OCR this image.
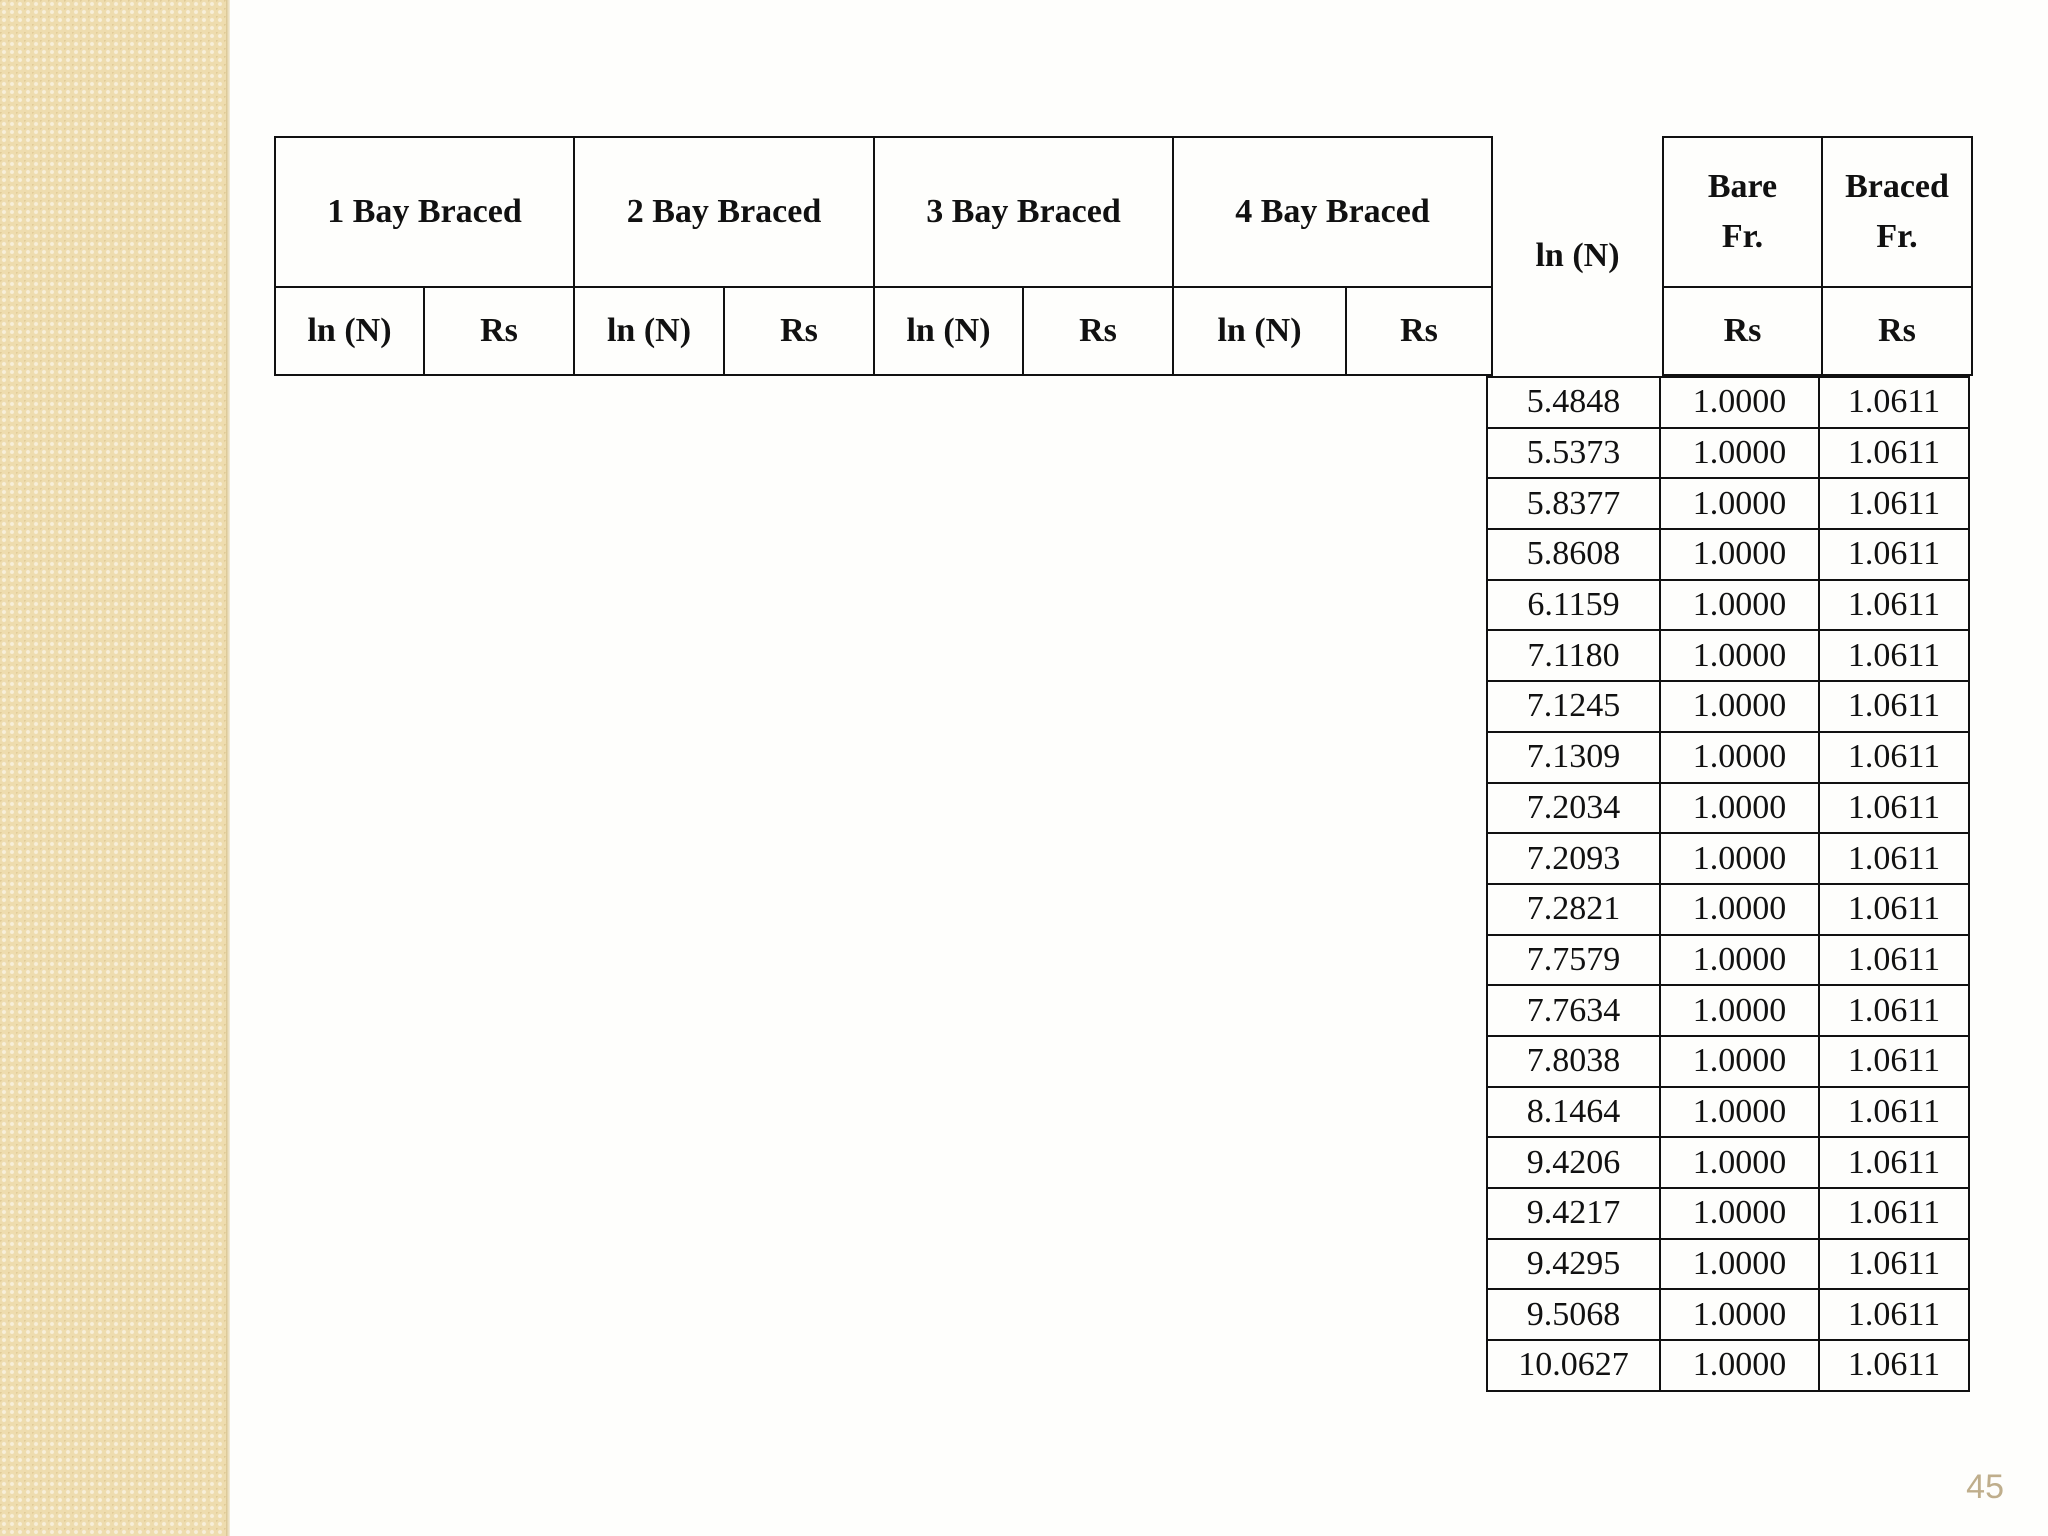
1 Bay Braced		2 Bay Braced		3 Bay Braced		4 Bay Braced		ln (N)	Bare Fr.	Braced Fr.
ln (N)	Rs	ln (N)	Rs	ln (N)	Rs	ln (N)	Rs		Rs	Rs
5.4848	1.0000	1.0611
5.5373	1.0000	1.0611
5.8377	1.0000	1.0611
5.8608	1.0000	1.0611
6.1159	1.0000	1.0611
7.1180	1.0000	1.0611
7.1245	1.0000	1.0611
7.1309	1.0000	1.0611
7.2034	1.0000	1.0611
7.2093	1.0000	1.0611
7.2821	1.0000	1.0611
7.7579	1.0000	1.0611
7.7634	1.0000	1.0611
7.8038	1.0000	1.0611
8.1464	1.0000	1.0611
9.4206	1.0000	1.0611
9.4217	1.0000	1.0611
9.4295	1.0000	1.0611
9.5068	1.0000	1.0611
10.0627	1.0000	1.0611
45
